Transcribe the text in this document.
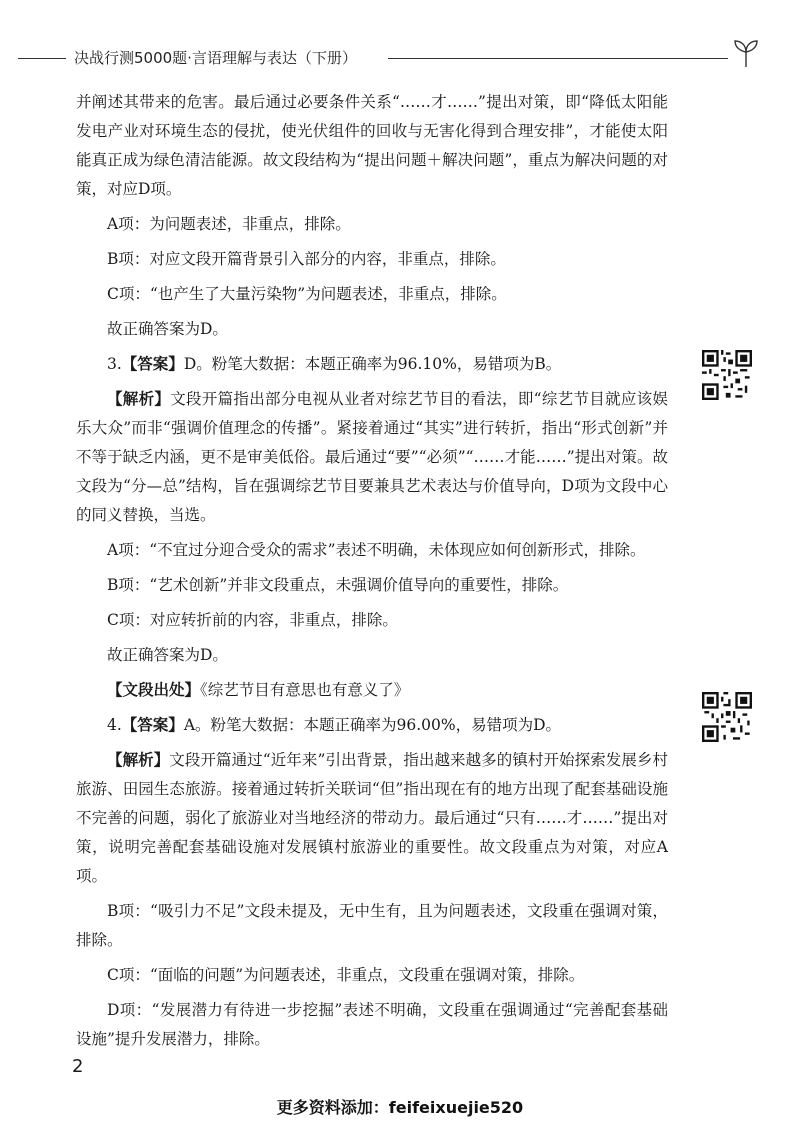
决战行测5000题·言语理解与表达（下册）

并阐述其带来的危害。最后通过必要条件关系“……才……”提出对策，即“降低太阳能发电产业对环境生态的侵扰，使光伏组件的回收与无害化得到合理安排”，才能使太阳能真正成为绿色清洁能源。故文段结构为“提出问题＋解决问题”，重点为解决问题的对策，对应D项。

A项：为问题表述，非重点，排除。

B项：对应文段开篇背景引入部分的内容，非重点，排除。

C项：“也产生了大量污染物”为问题表述，非重点，排除。

故正确答案为D。

3.【答案】D。粉笔大数据：本题正确率为96.10%，易错项为B。

【解析】文段开篇指出部分电视从业者对综艺节目的看法，即“综艺节目就应该娱乐大众”而非“强调价值理念的传播”。紧接着通过“其实”进行转折，指出“形式创新”并不等于缺乏内涵，更不是审美低俗。最后通过“要”“必须”“……才能……”提出对策。故文段为“分—总”结构，旨在强调综艺节目要兼具艺术表达与价值导向，D项为文段中心的同义替换，当选。

A项：“不宜过分迎合受众的需求”表述不明确，未体现应如何创新形式，排除。

B项：“艺术创新”并非文段重点，未强调价值导向的重要性，排除。

C项：对应转折前的内容，非重点，排除。

故正确答案为D。

【文段出处】《综艺节目有意思也有意义了》

4.【答案】A。粉笔大数据：本题正确率为96.00%，易错项为D。

【解析】文段开篇通过“近年来”引出背景，指出越来越多的镇村开始探索发展乡村旅游、田园生态旅游。接着通过转折关联词“但”指出现在有的地方出现了配套基础设施不完善的问题，弱化了旅游业对当地经济的带动力。最后通过“只有……才……”提出对策，说明完善配套基础设施对发展镇村旅游业的重要性。故文段重点为对策，对应A项。

B项：“吸引力不足”文段未提及，无中生有，且为问题表述，文段重在强调对策，排除。

C项：“面临的问题”为问题表述，非重点，文段重在强调对策，排除。

D项：“发展潜力有待进一步挖掘”表述不明确，文段重在强调通过“完善配套基础设施”提升发展潜力，排除。

2
更多资料添加：feifeixuejie520
